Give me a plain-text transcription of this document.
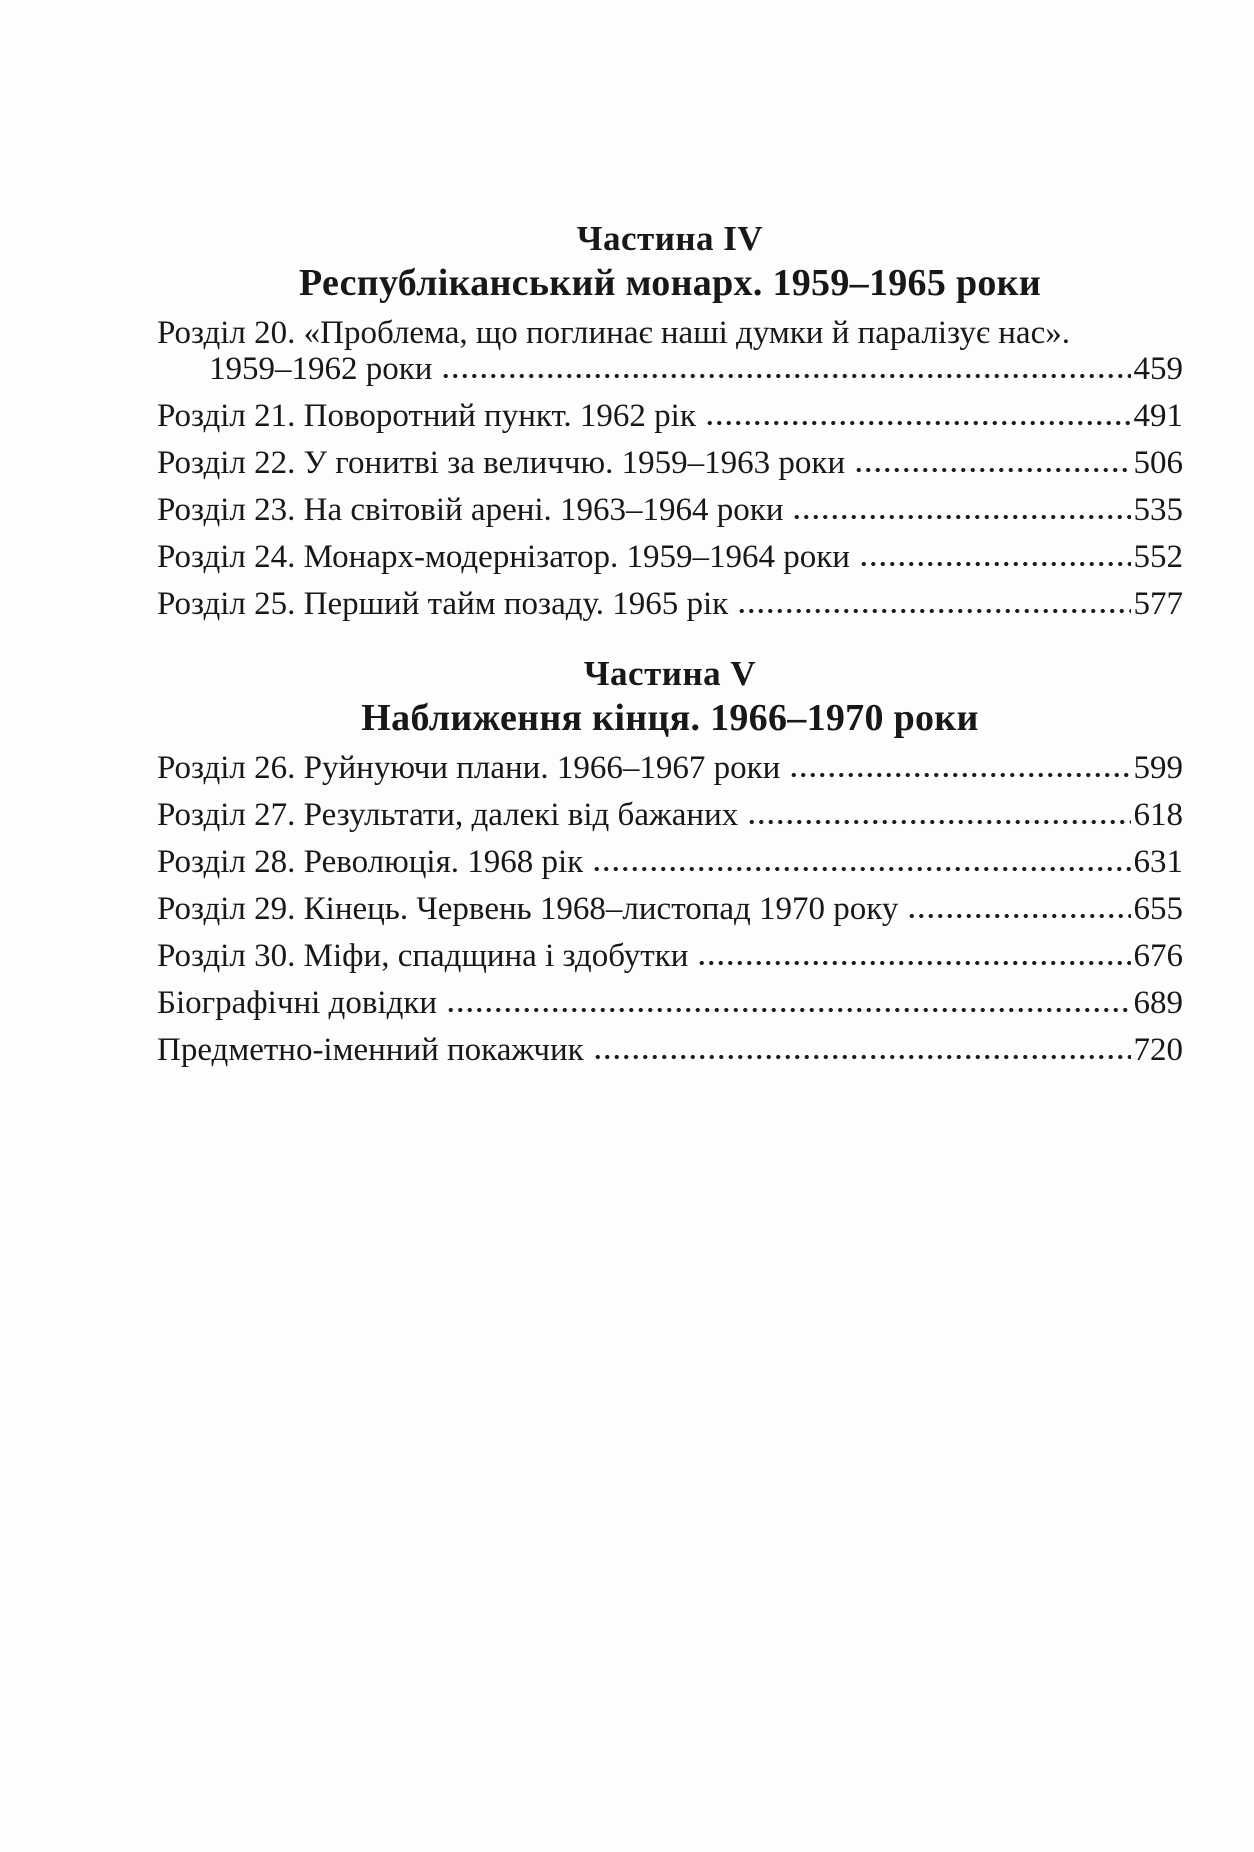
Частина IV
Республіканський монарх. 1959–1965 роки
Розділ 20. «Проблема, що поглинає наші думки й паралізує нас».
1959–1962 роки	459
Розділ 21. Поворотний пункт. 1962 рік	491
Розділ 22. У гонитві за величчю. 1959–1963 роки	506
Розділ 23. На світовій арені. 1963–1964 роки	535
Розділ 24. Монарх-модернізатор. 1959–1964 роки	552
Розділ 25. Перший тайм позаду. 1965 рік	577
Частина V
Наближення кінця. 1966–1970 роки
Розділ 26. Руйнуючи плани. 1966–1967 роки	599
Розділ 27. Результати, далекі від бажаних	618
Розділ 28. Революція. 1968 рік	631
Розділ 29. Кінець. Червень 1968–листопад 1970 року	655
Розділ 30. Міфи, спадщина і здобутки	676
Біографічні довідки	689
Предметно-іменний покажчик	720
